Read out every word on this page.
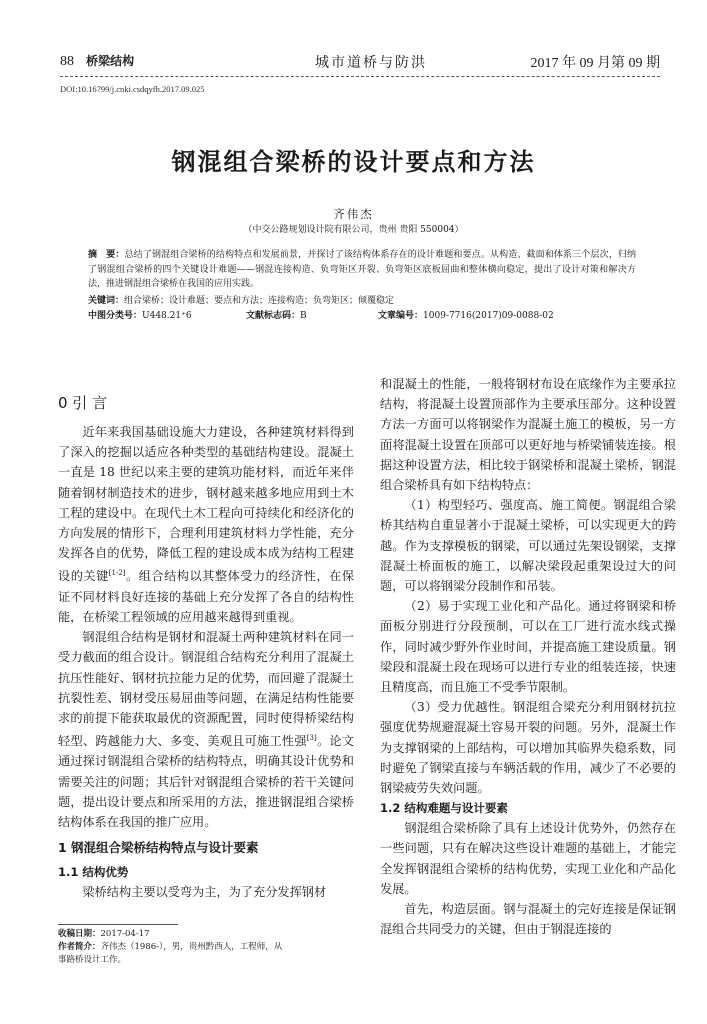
88 桥梁结构	城市道桥与防洪	2017 年 09 月第 09 期
DOI:10.16799/j.cnki.csdqyfh.2017.09.025
钢混组合梁桥的设计要点和方法
齐伟杰
（中交公路规划设计院有限公司，贵州 贵阳 550004）
摘　要：总结了钢混组合梁桥的结构特点和发展前景，并探讨了该结构体系存在的设计难题和要点。从构造、截面和体系三个层次，归纳了钢混组合梁桥的四个关键设计难题——钢混连接构造、负弯矩区开裂、负弯矩区底板屈曲和整体横向稳定，提出了设计对策和解决方法，推进钢混组合梁桥在我国的应用实践。
关键词：组合梁桥；设计难题；要点和方法；连接构造；负弯矩区；倾覆稳定
中图分类号：U448.21⁺6	文献标志码：B	文章编号：1009-7716(2017)09-0088-02
0 引 言

近年来我国基础设施大力建设，各种建筑材料得到了深入的挖掘以适应各种类型的基础结构建设。混凝土一直是 18 世纪以来主要的建筑功能材料，而近年来伴随着钢材制造技术的进步，钢材越来越多地应用到土木工程的建设中。在现代土木工程向可持续化和经济化的方向发展的情形下，合理利用建筑材料力学性能，充分发挥各自的优势，降低工程的建设成本成为结构工程建设的关键[1-2]。组合结构以其整体受力的经济性，在保证不同材料良好连接的基础上充分发挥了各自的结构性能，在桥梁工程领域的应用越来越得到重视。

钢混组合结构是钢材和混凝土两种建筑材料在同一受力截面的组合设计。钢混组合结构充分利用了混凝土抗压性能好、钢材抗拉能力足的优势，而回避了混凝土抗裂性差、钢材受压易屈曲等问题，在满足结构性能要求的前提下能获取最优的资源配置，同时使得桥梁结构轻型、跨越能力大、多变、美观且可施工性强[3]。论文通过探讨钢混组合梁桥的结构特点，明确其设计优势和需要关注的问题；其后针对钢混组合梁桥的若干关键问题，提出设计要点和所采用的方法，推进钢混组合梁桥结构体系在我国的推广应用。

1 钢混组合梁桥结构特点与设计要素
1.1 结构优势

梁桥结构主要以受弯为主，为了充分发挥钢材

收稿日期：2017-04-17
作者简介：齐伟杰（1986-），男，贵州黔西人，工程师，从事路桥设计工作。

和混凝土的性能，一般将钢材布设在底缘作为主要承拉结构，将混凝土设置顶部作为主要承压部分。这种设置方法一方面可以将钢梁作为混凝土施工的模板，另一方面将混凝土设置在顶部可以更好地与桥梁铺装连接。根据这种设置方法，相比较于钢梁桥和混凝土梁桥，钢混组合梁桥具有如下结构特点：

（1）构型轻巧、强度高、施工简便。钢混组合梁桥其结构自重显著小于混凝土梁桥，可以实现更大的跨越。作为支撑模板的钢梁，可以通过先架设钢梁，支撑混凝土桥面板的施工，以解决梁段起重架设过大的问题，可以将钢梁分段制作和吊装。

（2）易于实现工业化和产品化。通过将钢梁和桥面板分别进行分段预制，可以在工厂进行流水线式操作，同时减少野外作业时间，并提高施工建设质量。钢梁段和混凝土段在现场可以进行专业的组装连接，快速且精度高，而且施工不受季节限制。

（3）受力优越性。钢混组合梁充分利用钢材抗拉强度优势规避混凝土容易开裂的问题。另外，混凝土作为支撑钢梁的上部结构，可以增加其临界失稳系数，同时避免了钢梁直接与车辆活载的作用，减少了不必要的钢梁疲劳失效问题。

1.2 结构难题与设计要素

钢混组合梁桥除了具有上述设计优势外，仍然存在一些问题，只有在解决这些设计难题的基础上，才能完全发挥钢混组合梁桥的结构优势，实现工业化和产品化发展。

首先，构造层面。钢与混凝土的完好连接是保证钢混组合共同受力的关键，但由于钢混连接的
